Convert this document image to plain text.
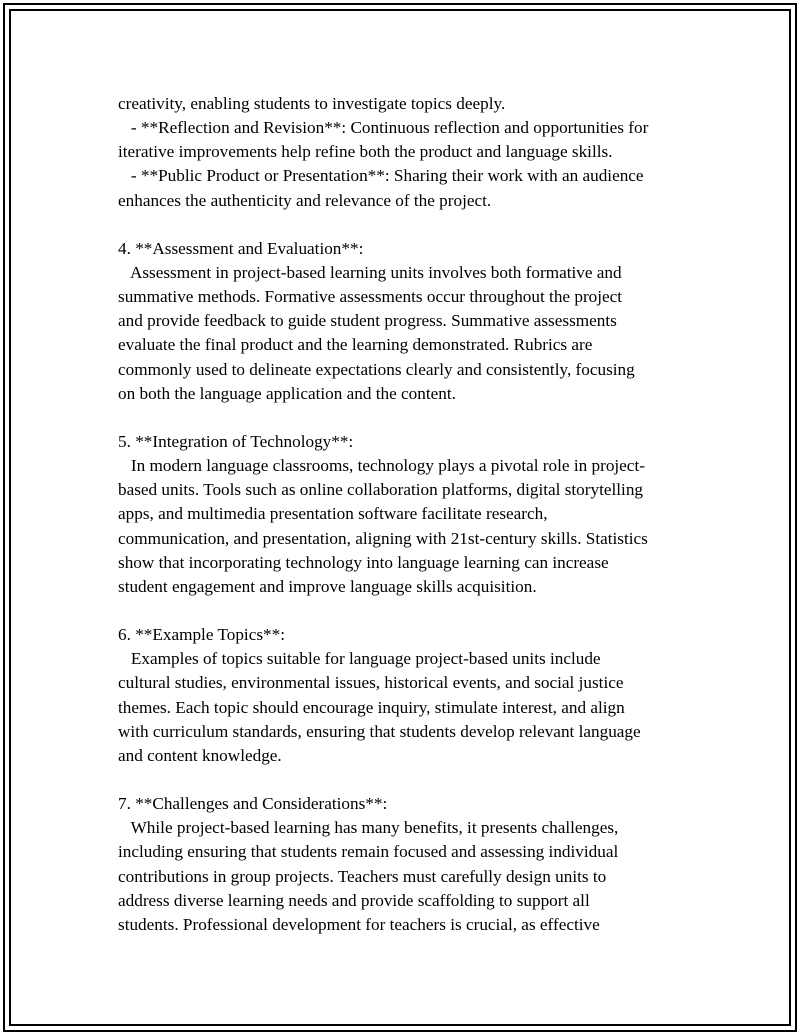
creativity, enabling students to investigate topics deeply.
- **Reflection and Revision**: Continuous reflection and opportunities for
iterative improvements help refine both the product and language skills.
- **Public Product or Presentation**: Sharing their work with an audience
enhances the authenticity and relevance of the project.
4. **Assessment and Evaluation**:
Assessment in project-based learning units involves both formative and
summative methods. Formative assessments occur throughout the project
and provide feedback to guide student progress. Summative assessments
evaluate the final product and the learning demonstrated. Rubrics are
commonly used to delineate expectations clearly and consistently, focusing
on both the language application and the content.
5. **Integration of Technology**:
In modern language classrooms, technology plays a pivotal role in project-
based units. Tools such as online collaboration platforms, digital storytelling
apps, and multimedia presentation software facilitate research,
communication, and presentation, aligning with 21st-century skills. Statistics
show that incorporating technology into language learning can increase
student engagement and improve language skills acquisition.
6. **Example Topics**:
Examples of topics suitable for language project-based units include
cultural studies, environmental issues, historical events, and social justice
themes. Each topic should encourage inquiry, stimulate interest, and align
with curriculum standards, ensuring that students develop relevant language
and content knowledge.
7. **Challenges and Considerations**:
While project-based learning has many benefits, it presents challenges,
including ensuring that students remain focused and assessing individual
contributions in group projects. Teachers must carefully design units to
address diverse learning needs and provide scaffolding to support all
students. Professional development for teachers is crucial, as effective
